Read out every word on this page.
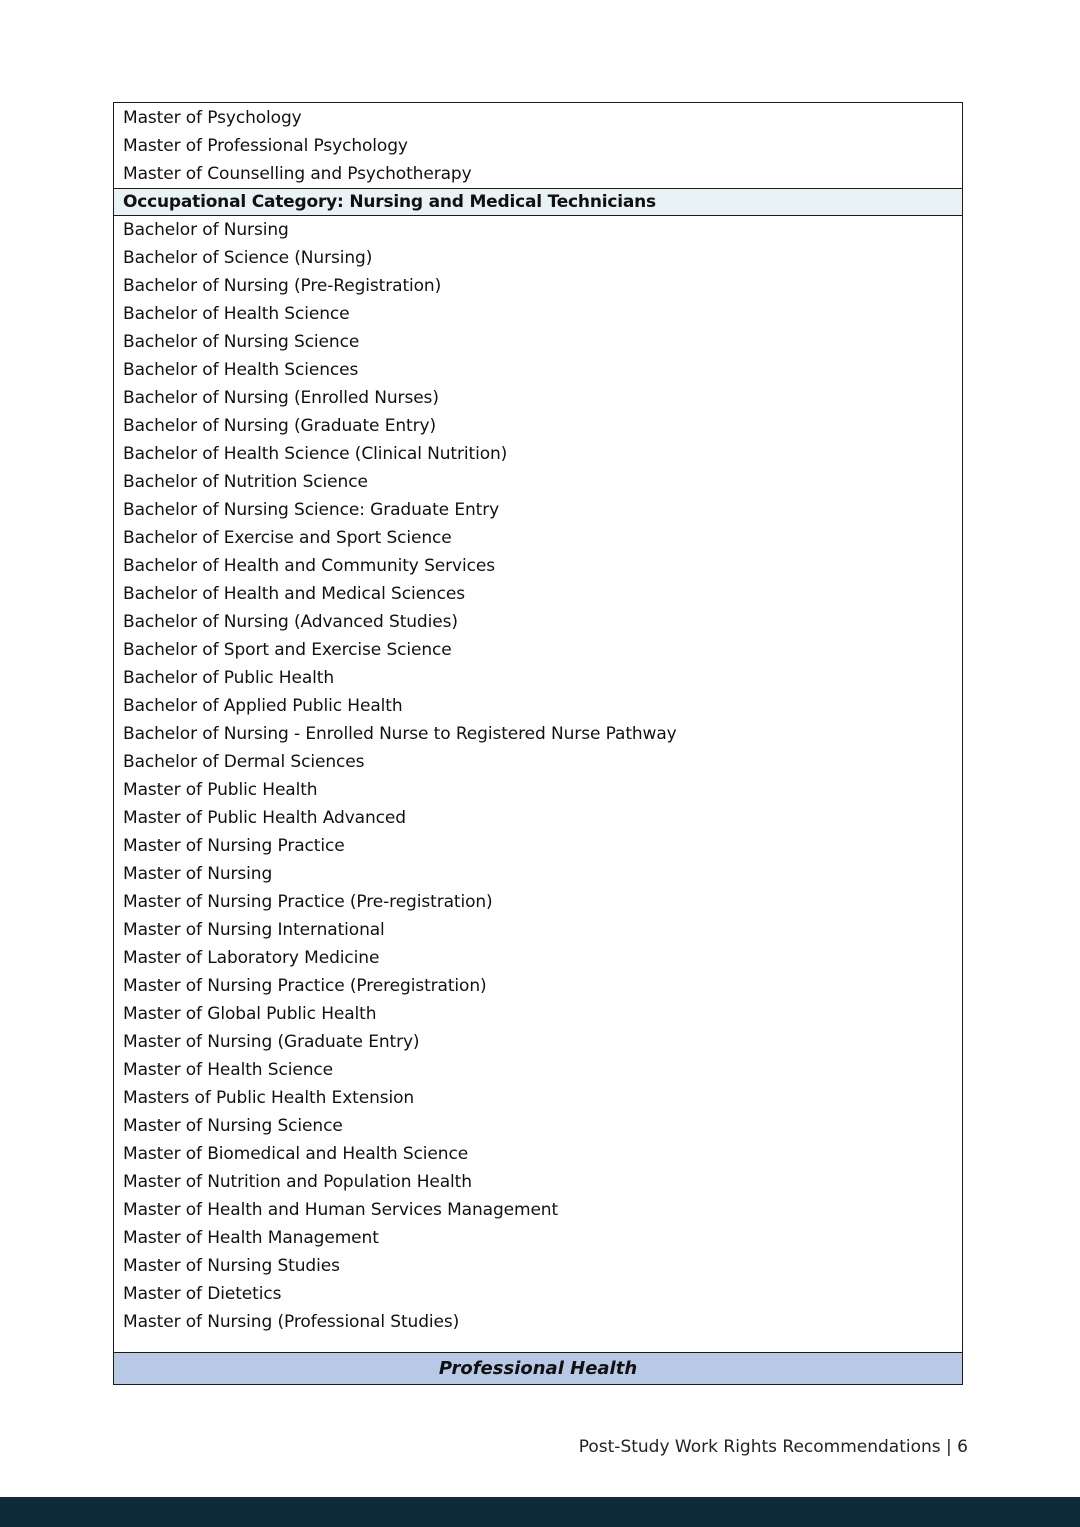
Master of Psychology
Master of Professional Psychology
Master of Counselling and Psychotherapy
Occupational Category: Nursing and Medical Technicians
Bachelor of Nursing
Bachelor of Science (Nursing)
Bachelor of Nursing (Pre-Registration)
Bachelor of Health Science
Bachelor of Nursing Science
Bachelor of Health Sciences
Bachelor of Nursing (Enrolled Nurses)
Bachelor of Nursing (Graduate Entry)
Bachelor of Health Science (Clinical Nutrition)
Bachelor of Nutrition Science
Bachelor of Nursing Science: Graduate Entry
Bachelor of Exercise and Sport Science
Bachelor of Health and Community Services
Bachelor of Health and Medical Sciences
Bachelor of Nursing (Advanced Studies)
Bachelor of Sport and Exercise Science
Bachelor of Public Health
Bachelor of Applied Public Health
Bachelor of Nursing - Enrolled Nurse to Registered Nurse Pathway
Bachelor of Dermal Sciences
Master of Public Health
Master of Public Health Advanced
Master of Nursing Practice
Master of Nursing
Master of Nursing Practice (Pre-registration)
Master of Nursing International
Master of Laboratory Medicine
Master of Nursing Practice (Preregistration)
Master of Global Public Health
Master of Nursing (Graduate Entry)
Master of Health Science
Masters of Public Health Extension
Master of Nursing Science
Master of Biomedical and Health Science
Master of Nutrition and Population Health
Master of Health and Human Services Management
Master of Health Management
Master of Nursing Studies
Master of Dietetics
Master of Nursing (Professional Studies)
Professional Health
Post-Study Work Rights Recommendations | 6
